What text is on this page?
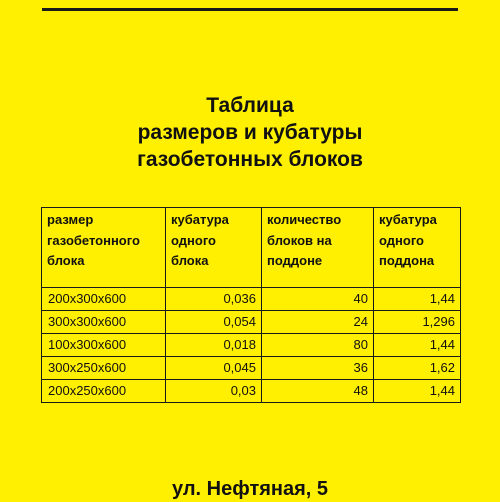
Таблица
размеров и кубатуры
газобетонных блоков
размер газобетонного блока	кубатура одного блока	количество блоков на поддоне	кубатура одного поддона
200x300x600	0,036	40	1,44
300x300x600	0,054	24	1,296
100x300x600	0,018	80	1,44
300x250x600	0,045	36	1,62
200x250x600	0,03	48	1,44
ул. Нефтяная, 5
